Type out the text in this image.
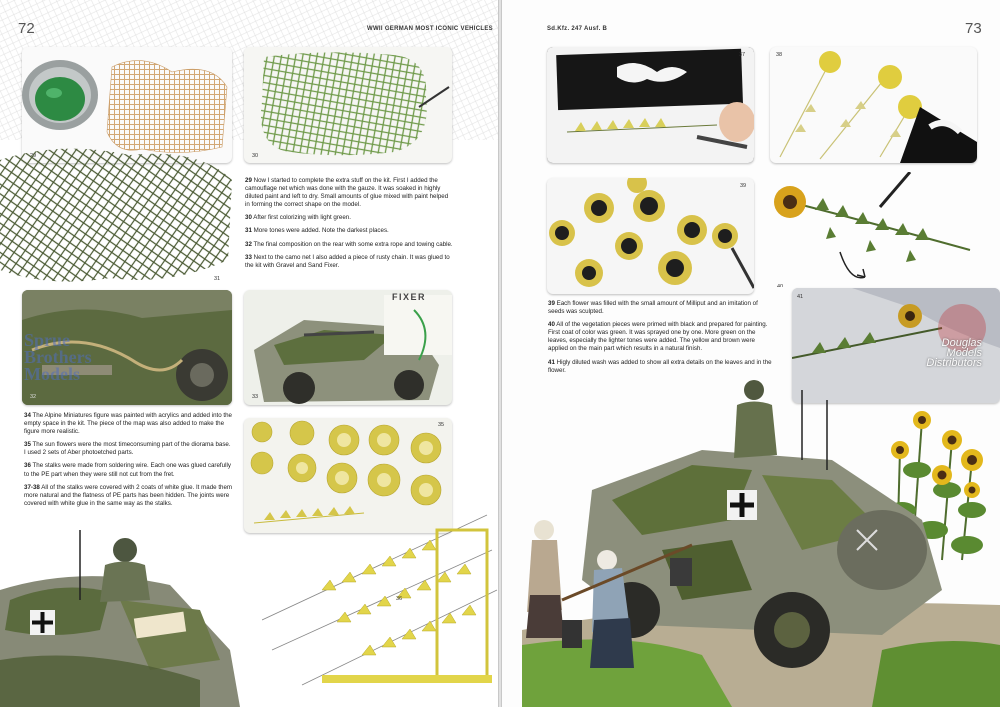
72	WWII GERMAN MOST ICONIC VEHICLES
30
31
Sprue
Brothers
Models
32
FIXER
33

29 Now I started to complete the extra stuff on the kit. First I added the camouflage net which was done with the gauze. It was soaked in highly diluted paint and left to dry. Small amounts of glue mixed with paint helped in forming the correct shape on the model.

30 After first colorizing with light green.

31 More tones were added. Note the darkest places.

32 The final composition on the rear with some extra rope and towing cable.

33 Next to the camo net I also added a piece of rusty chain. It was glued to the kit with Gravel and Sand Fixer.

34 The Alpine Miniatures figure was painted with acrylics and added into the empty space in the kit. The piece of the map was also added to make the figure more realistic.

35 The sun flowers were the most timeconsuming part of the diorama base. I used 2 sets of Aber photoetched parts.

36 The stalks were made from soldering wire. Each one was glued carefully to the PE part when they were still not cut from the fret.

37-38 All of the stalks were covered with 2 coats of white glue. It made them more natural and the flatness of PE parts has been hidden. The joints were covered with white glue in the same way as the stalks.

35
36
Sd.Kfz. 247 Ausf. B	73
37	38
39
40
Douglas
Models
Distributors
41

39 Each flower was filled with the small amount of Milliput and an imitation of seeds was sculpted.

40 All of the vegetation pieces were primed with black and prepared for painting. First coat of color was green. It was sprayed one by one. More green on the leaves, especially the lighter tones were added. The yellow and brown were applied on the main part which results in a natural finish.

41 Higly diluted wash was added to show all extra details on the leaves and in the flower.
